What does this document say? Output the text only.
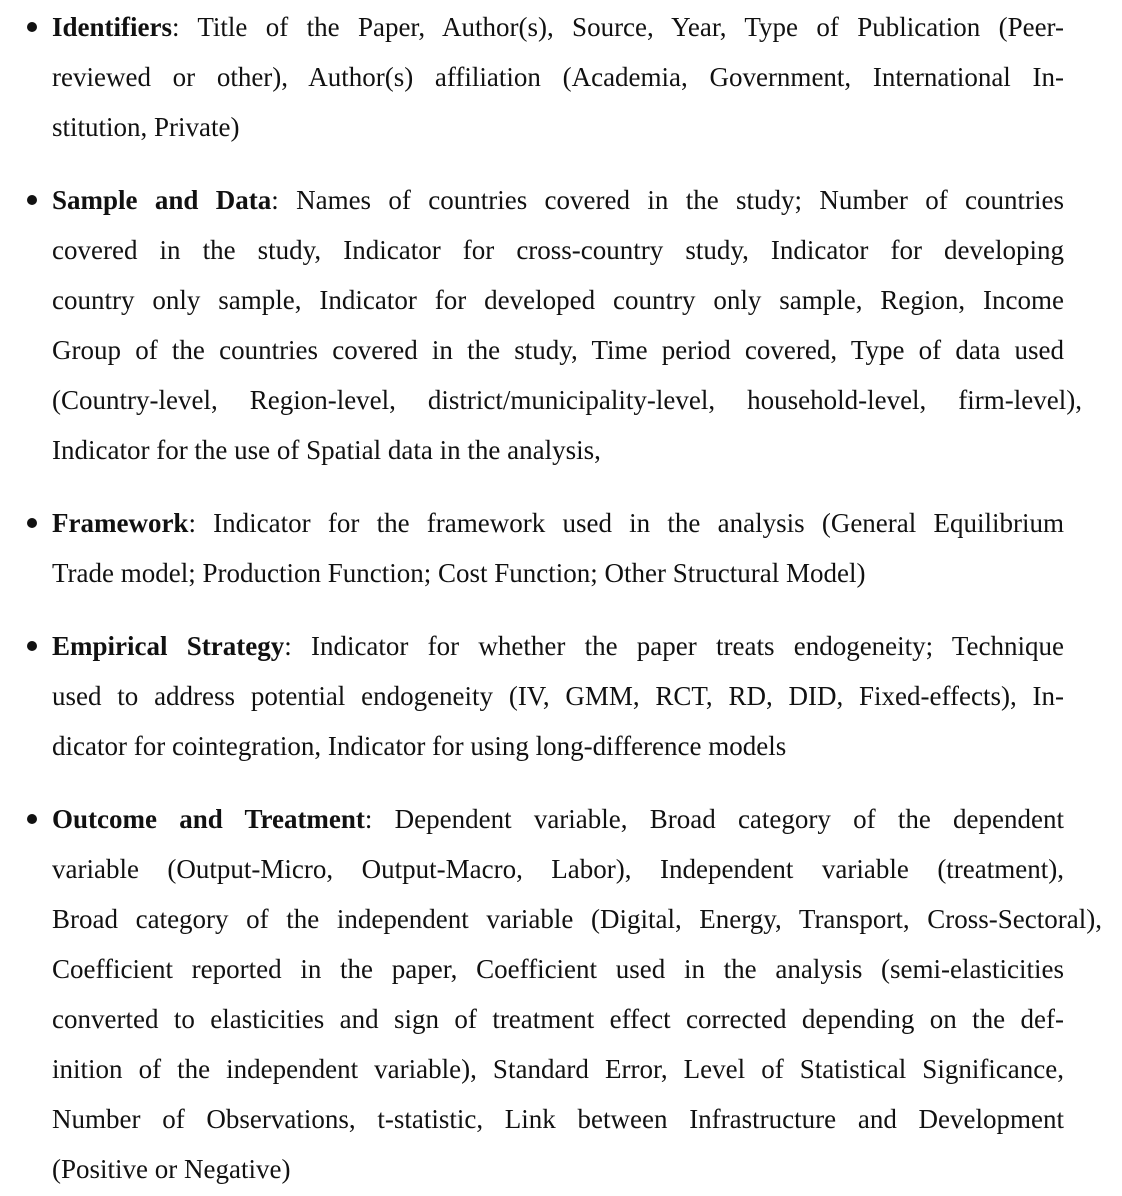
Identifiers: Title of the Paper, Author(s), Source, Year, Type of Publication (Peer-
reviewed or other), Author(s) affiliation (Academia, Government, International In-
stitution, Private)
Sample and Data: Names of countries covered in the study; Number of countries
covered in the study, Indicator for cross-country study, Indicator for developing
country only sample, Indicator for developed country only sample, Region, Income
Group of the countries covered in the study, Time period covered, Type of data used
(Country-level, Region-level, district/municipality-level, household-level, firm-level),
Indicator for the use of Spatial data in the analysis,
Framework: Indicator for the framework used in the analysis (General Equilibrium
Trade model; Production Function; Cost Function; Other Structural Model)
Empirical Strategy: Indicator for whether the paper treats endogeneity; Technique
used to address potential endogeneity (IV, GMM, RCT, RD, DID, Fixed-effects), In-
dicator for cointegration, Indicator for using long-difference models
Outcome and Treatment: Dependent variable, Broad category of the dependent
variable (Output-Micro, Output-Macro, Labor), Independent variable (treatment),
Broad category of the independent variable (Digital, Energy, Transport, Cross-Sectoral),
Coefficient reported in the paper, Coefficient used in the analysis (semi-elasticities
converted to elasticities and sign of treatment effect corrected depending on the def-
inition of the independent variable), Standard Error, Level of Statistical Significance,
Number of Observations, t-statistic, Link between Infrastructure and Development
(Positive or Negative)
